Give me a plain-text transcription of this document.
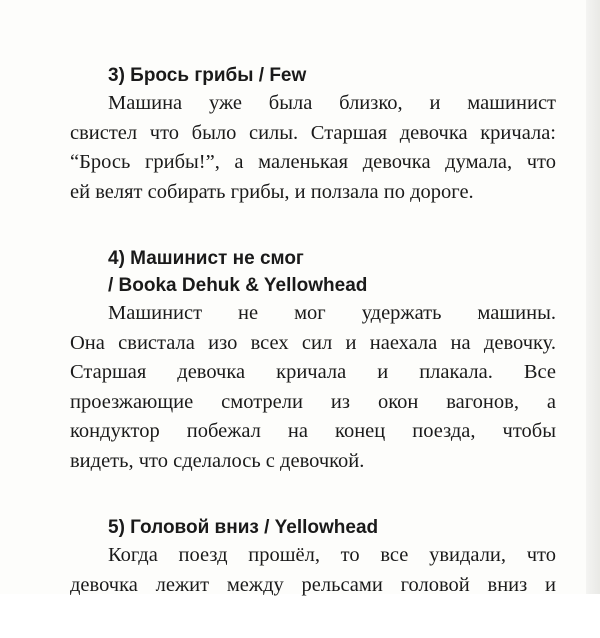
3) Брось грибы / Few
Машина уже была близко, и машинист
свистел что было силы. Старшая девочка кричала:
“Брось грибы!”, а маленькая девочка думала, что
ей велят собирать грибы, и ползала по дороге.
4) Машинист не смог
/ Booka Dehuk & Yellowhead
Машинист не мог удержать машины.
Она свистала изо всех сил и наехала на девочку.
Старшая девочка кричала и плакала. Все
проезжающие смотрели из окон вагонов, а
кондуктор побежал на конец поезда, чтобы
видеть, что сделалось с девочкой.
5) Головой вниз / Yellowhead
Когда поезд прошёл, то все увидали, что
девочка лежит между рельсами головой вниз и
